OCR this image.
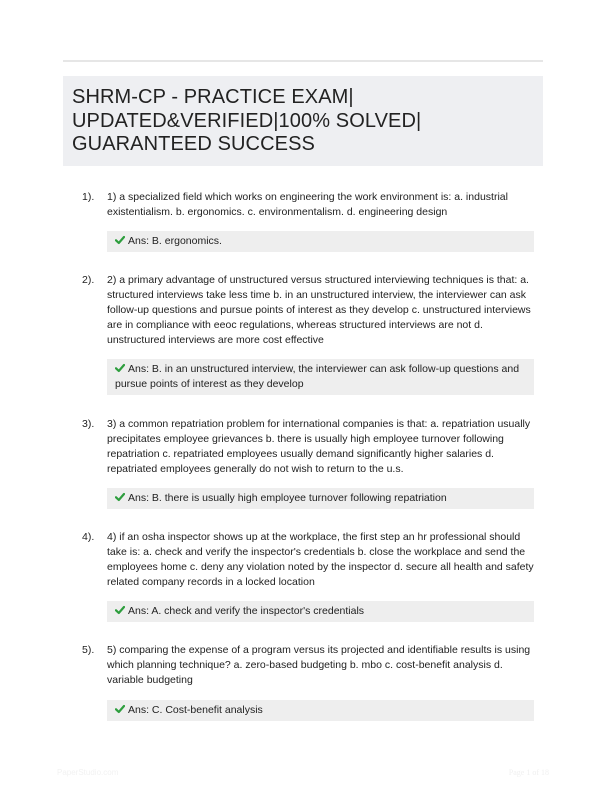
SHRM-CP - PRACTICE EXAM| UPDATED&VERIFIED|100% SOLVED| GUARANTEED SUCCESS
1). 1) a specialized field which works on engineering the work environment is: a. industrial existentialism. b. ergonomics. c. environmentalism. d. engineering design
Ans: B. ergonomics.
2). 2) a primary advantage of unstructured versus structured interviewing techniques is that: a. structured interviews take less time b. in an unstructured interview, the interviewer can ask follow-up questions and pursue points of interest as they develop c. unstructured interviews are in compliance with eeoc regulations, whereas structured interviews are not d. unstructured interviews are more cost effective
Ans: B. in an unstructured interview, the interviewer can ask follow-up questions and pursue points of interest as they develop
3). 3) a common repatriation problem for international companies is that: a. repatriation usually precipitates employee grievances b. there is usually high employee turnover following repatriation c. repatriated employees usually demand significantly higher salaries d. repatriated employees generally do not wish to return to the u.s.
Ans: B. there is usually high employee turnover following repatriation
4). 4) if an osha inspector shows up at the workplace, the first step an hr professional should take is: a. check and verify the inspector's credentials b. close the workplace and send the employees home c. deny any violation noted by the inspector d. secure all health and safety related company records in a locked location
Ans: A. check and verify the inspector's credentials
5). 5) comparing the expense of a program versus its projected and identifiable results is using which planning technique? a. zero-based budgeting b. mbo c. cost-benefit analysis d. variable budgeting
Ans: C. Cost-benefit analysis
PaperStudio.com	Page 1 of 18
